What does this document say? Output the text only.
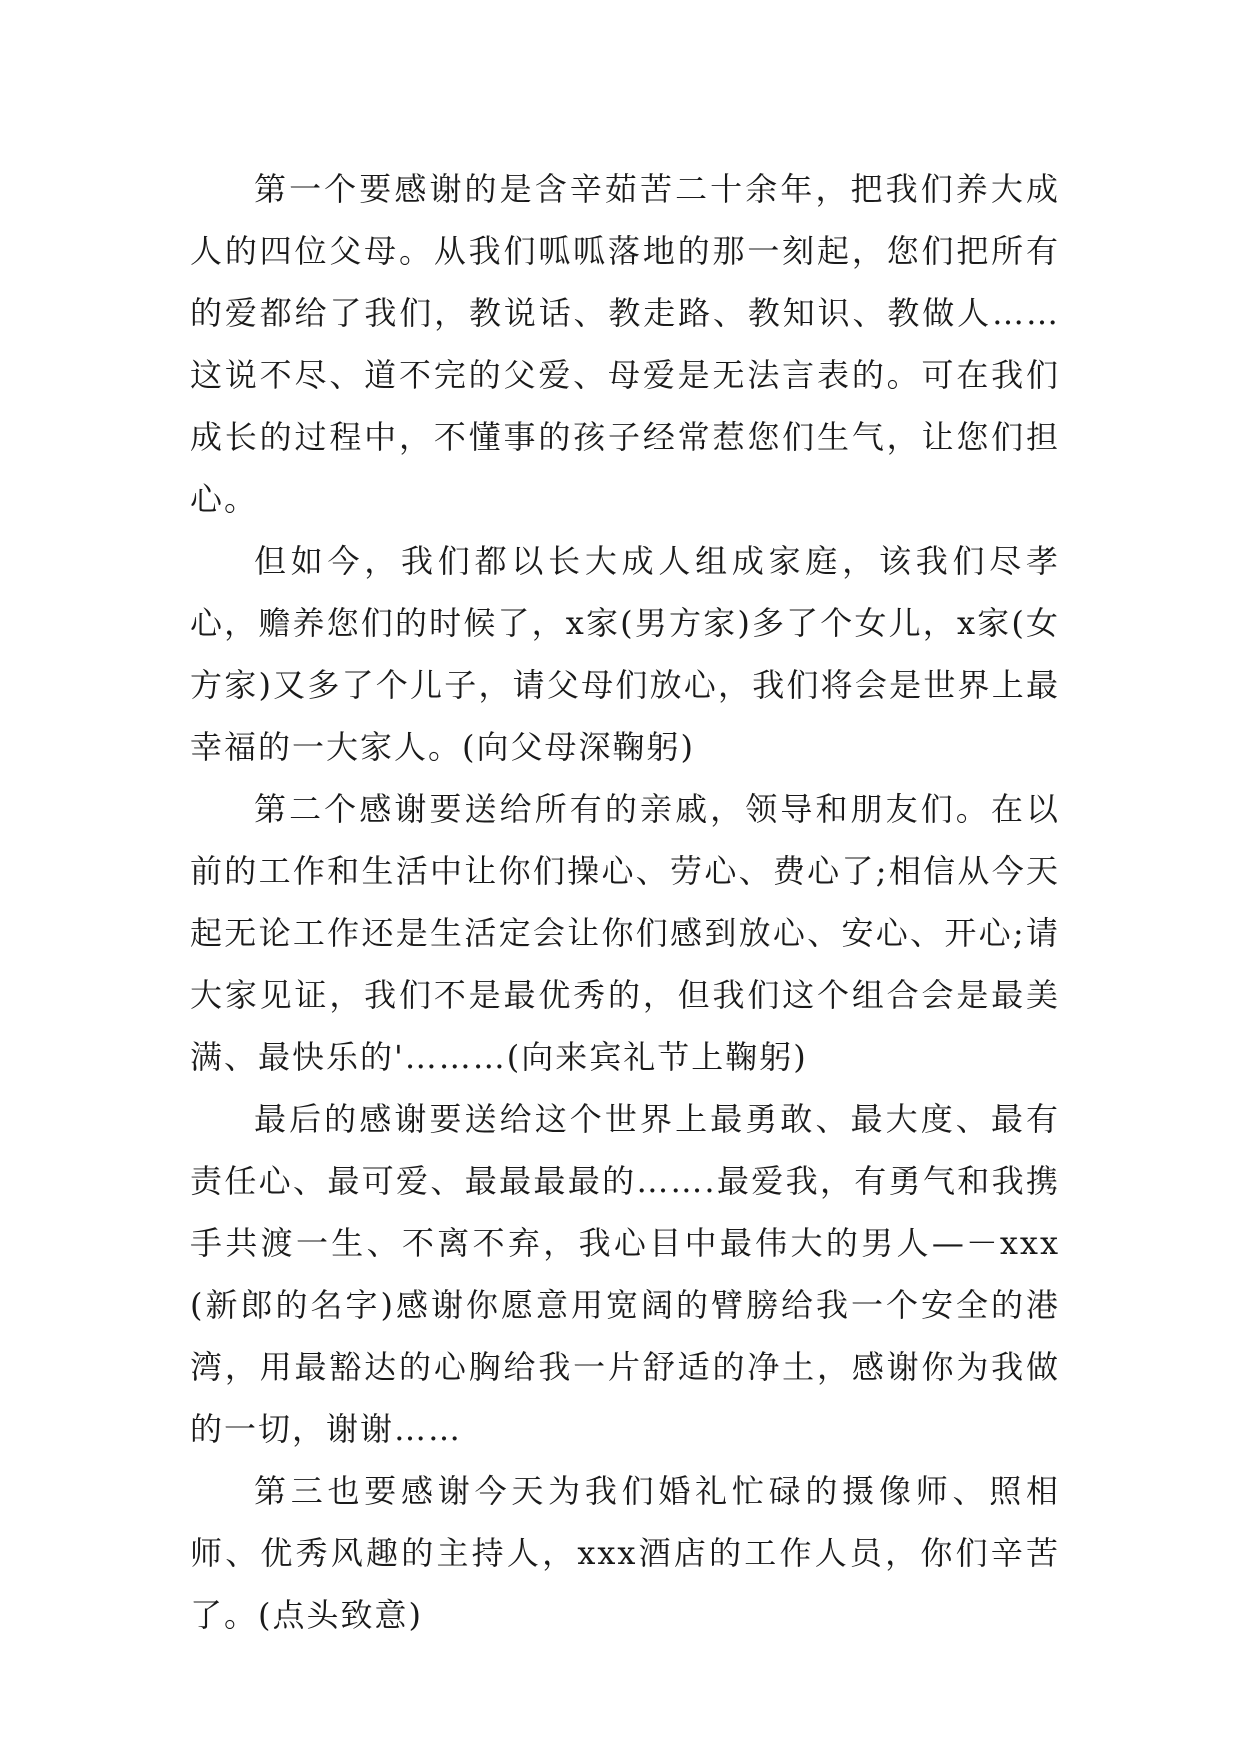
第一个要感谢的是含辛茹苦二十余年，把我们养大成人的四位父母。从我们呱呱落地的那一刻起，您们把所有的爱都给了我们，教说话、教走路、教知识、教做人……这说不尽、道不完的父爱、母爱是无法言表的。可在我们成长的过程中，不懂事的孩子经常惹您们生气，让您们担心。

但如今，我们都以长大成人组成家庭，该我们尽孝心，赡养您们的时候了，x家(男方家)多了个女儿，x家(女方家)又多了个儿子，请父母们放心，我们将会是世界上最幸福的一大家人。(向父母深鞠躬)

第二个感谢要送给所有的亲戚，领导和朋友们。在以前的工作和生活中让你们操心、劳心、费心了;相信从今天起无论工作还是生活定会让你们感到放心、安心、开心;请大家见证，我们不是最优秀的，但我们这个组合会是最美满、最快乐的'………(向来宾礼节上鞠躬)

最后的感谢要送给这个世界上最勇敢、最大度、最有责任心、最可爱、最最最最的…….最爱我，有勇气和我携手共渡一生、不离不弃，我心目中最伟大的男人—－xxx(新郎的名字)感谢你愿意用宽阔的臂膀给我一个安全的港湾，用最豁达的心胸给我一片舒适的净土，感谢你为我做的一切，谢谢……

第三也要感谢今天为我们婚礼忙碌的摄像师、照相师、优秀风趣的主持人，xxx酒店的工作人员，你们辛苦了。(点头致意)
